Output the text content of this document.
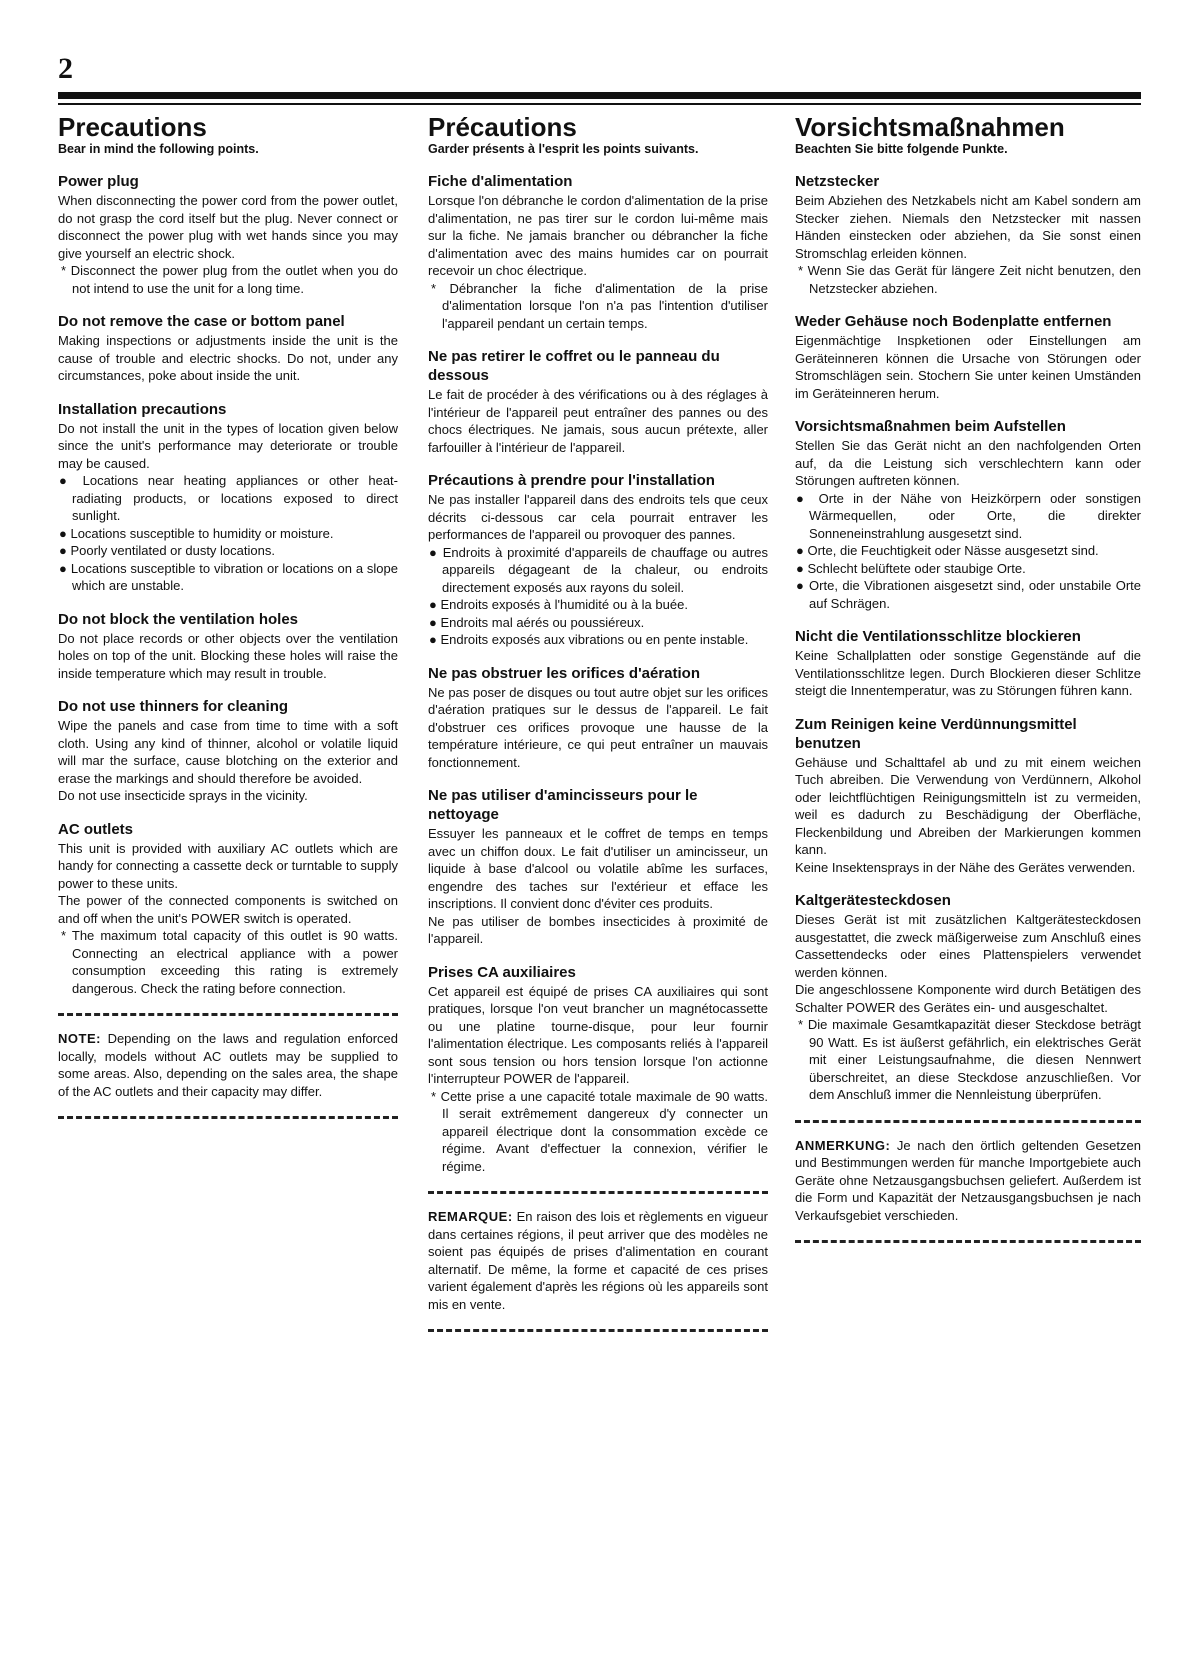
2
Precautions
Bear in mind the following points.
Power plug

When disconnecting the power cord from the power outlet, do not grasp the cord itself but the plug. Never connect or disconnect the power plug with wet hands since you may give yourself an electric shock.

* Disconnect the power plug from the outlet when you do not intend to use the unit for a long time.

Do not remove the case or bottom panel

Making inspections or adjustments inside the unit is the cause of trouble and electric shocks. Do not, under any circumstances, poke about inside the unit.

Installation precautions

Do not install the unit in the types of location given below since the unit's performance may deteriorate or trouble may be caused.

● Locations near heating appliances or other heat-radiating products, or locations exposed to direct sunlight.

● Locations susceptible to humidity or moisture.

● Poorly ventilated or dusty locations.

● Locations susceptible to vibration or locations on a slope which are unstable.

Do not block the ventilation holes

Do not place records or other objects over the ventilation holes on top of the unit. Blocking these holes will raise the inside temperature which may result in trouble.

Do not use thinners for cleaning

Wipe the panels and case from time to time with a soft cloth. Using any kind of thinner, alcohol or volatile liquid will mar the surface, cause blotching on the exterior and erase the markings and should therefore be avoided.

Do not use insecticide sprays in the vicinity.

AC outlets

This unit is provided with auxiliary AC outlets which are handy for connecting a cassette deck or turntable to supply power to these units.

The power of the connected components is switched on and off when the unit's POWER switch is operated.

* The maximum total capacity of this outlet is 90 watts. Connecting an electrical appliance with a power consumption exceeding this rating is extremely dangerous. Check the rating before connection.

NOTE: Depending on the laws and regulation enforced locally, models without AC outlets may be supplied to some areas. Also, depending on the sales area, the shape of the AC outlets and their capacity may differ.

Précautions
Garder présents à l'esprit les points suivants.
Fiche d'alimentation

Lorsque l'on débranche le cordon d'alimentation de la prise d'alimentation, ne pas tirer sur le cordon lui-même mais sur la fiche. Ne jamais brancher ou débrancher la fiche d'alimentation avec des mains humides car on pourrait recevoir un choc électrique.

* Débrancher la fiche d'alimentation de la prise d'alimentation lorsque l'on n'a pas l'intention d'utiliser l'appareil pendant un certain temps.

Ne pas retirer le coffret ou le panneau du dessous

Le fait de procéder à des vérifications ou à des réglages à l'intérieur de l'appareil peut entraîner des pannes ou des chocs électriques. Ne jamais, sous aucun prétexte, aller farfouiller à l'intérieur de l'appareil.

Précautions à prendre pour l'installation

Ne pas installer l'appareil dans des endroits tels que ceux décrits ci-dessous car cela pourrait entraver les performances de l'appareil ou provoquer des pannes.

● Endroits à proximité d'appareils de chauffage ou autres appareils dégageant de la chaleur, ou endroits directement exposés aux rayons du soleil.

● Endroits exposés à l'humidité ou à la buée.

● Endroits mal aérés ou poussiéreux.

● Endroits exposés aux vibrations ou en pente instable.

Ne pas obstruer les orifices d'aération

Ne pas poser de disques ou tout autre objet sur les orifices d'aération pratiques sur le dessus de l'appareil. Le fait d'obstruer ces orifices provoque une hausse de la température intérieure, ce qui peut entraîner un mauvais fonctionnement.

Ne pas utiliser d'amincisseurs pour le nettoyage

Essuyer les panneaux et le coffret de temps en temps avec un chiffon doux. Le fait d'utiliser un amincisseur, un liquide à base d'alcool ou volatile abîme les surfaces, engendre des taches sur l'extérieur et efface les inscriptions. Il convient donc d'éviter ces produits.

Ne pas utiliser de bombes insecticides à proximité de l'appareil.

Prises CA auxiliaires

Cet appareil est équipé de prises CA auxiliaires qui sont pratiques, lorsque l'on veut brancher un magnétocassette ou une platine tourne-disque, pour leur fournir l'alimentation électrique. Les composants reliés à l'appareil sont sous tension ou hors tension lorsque l'on actionne l'interrupteur POWER de l'appareil.

* Cette prise a une capacité totale maximale de 90 watts. Il serait extrêmement dangereux d'y connecter un appareil électrique dont la consommation excède ce régime. Avant d'effectuer la connexion, vérifier le régime.

REMARQUE: En raison des lois et règlements en vigueur dans certaines régions, il peut arriver que des modèles ne soient pas équipés de prises d'alimentation en courant alternatif. De même, la forme et capacité de ces prises varient également d'après les régions où les appareils sont mis en vente.

Vorsichtsmaßnahmen
Beachten Sie bitte folgende Punkte.
Netzstecker

Beim Abziehen des Netzkabels nicht am Kabel sondern am Stecker ziehen. Niemals den Netzstecker mit nassen Händen einstecken oder abziehen, da Sie sonst einen Stromschlag erleiden können.

* Wenn Sie das Gerät für längere Zeit nicht benutzen, den Netzstecker abziehen.

Weder Gehäuse noch Bodenplatte entfernen

Eigenmächtige Inspketionen oder Einstellungen am Geräteinneren können die Ursache von Störungen oder Stromschlägen sein. Stochern Sie unter keinen Umständen im Geräteinneren herum.

Vorsichtsmaßnahmen beim Aufstellen

Stellen Sie das Gerät nicht an den nachfolgenden Orten auf, da die Leistung sich verschlechtern kann oder Störungen auftreten können.

● Orte in der Nähe von Heizkörpern oder sonstigen Wärmequellen, oder Orte, die direkter Sonneneinstrahlung ausgesetzt sind.

● Orte, die Feuchtigkeit oder Nässe ausgesetzt sind.

● Schlecht belüftete oder staubige Orte.

● Orte, die Vibrationen aisgesetzt sind, oder unstabile Orte auf Schrägen.

Nicht die Ventilationsschlitze blockieren

Keine Schallplatten oder sonstige Gegenstände auf die Ventilationsschlitze legen. Durch Blockieren dieser Schlitze steigt die Innentemperatur, was zu Störungen führen kann.

Zum Reinigen keine Verdünnungsmittel benutzen

Gehäuse und Schalttafel ab und zu mit einem weichen Tuch abreiben. Die Verwendung von Verdünnern, Alkohol oder leichtflüchtigen Reinigungsmitteln ist zu vermeiden, weil es dadurch zu Beschädigung der Oberfläche, Fleckenbildung und Abreiben der Markierungen kommen kann.

Keine Insektensprays in der Nähe des Gerätes verwenden.

Kaltgerätesteckdosen

Dieses Gerät ist mit zusätzlichen Kaltgerätesteckdosen ausgestattet, die zweck mäßigerweise zum Anschluß eines Cassettendecks oder eines Plattenspielers verwendet werden können.

Die angeschlossene Komponente wird durch Betätigen des Schalter POWER des Gerätes ein- und ausgeschaltet.

* Die maximale Gesamtkapazität dieser Steckdose beträgt 90 Watt. Es ist äußerst gefährlich, ein elektrisches Gerät mit einer Leistungsaufnahme, die diesen Nennwert überschreitet, an diese Steckdose anzuschließen. Vor dem Anschluß immer die Nennleistung überprüfen.

ANMERKUNG: Je nach den örtlich geltenden Gesetzen und Bestimmungen werden für manche Importgebiete auch Geräte ohne Netzausgangsbuchsen geliefert. Außerdem ist die Form und Kapazität der Netzausgangsbuchsen je nach Verkaufsgebiet verschieden.
